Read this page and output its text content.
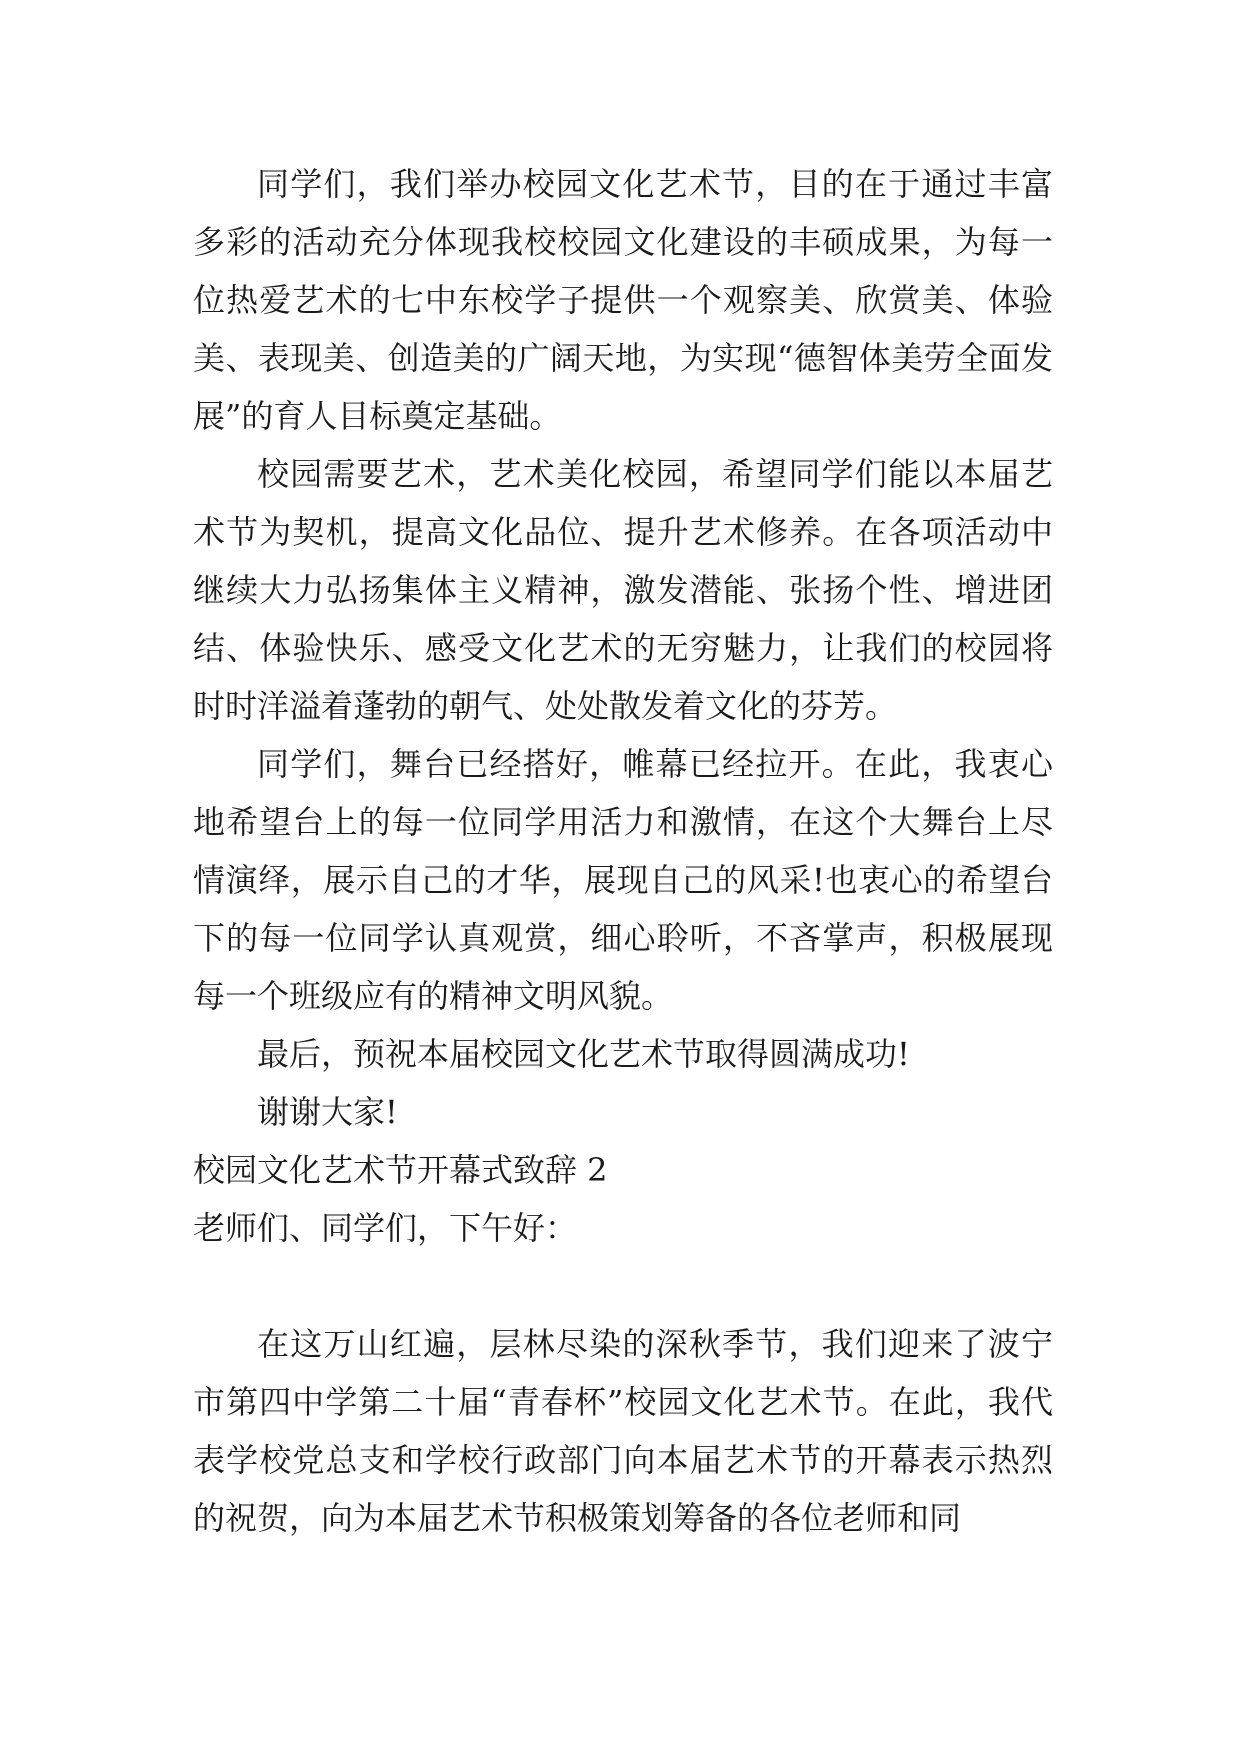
同学们，我们举办校园文化艺术节，目的在于通过丰富多彩的活动充分体现我校校园文化建设的丰硕成果，为每一位热爱艺术的七中东校学子提供一个观察美、欣赏美、体验美、表现美、创造美的广阔天地，为实现“德智体美劳全面发展”的育人目标奠定基础。

校园需要艺术，艺术美化校园，希望同学们能以本届艺术节为契机，提高文化品位、提升艺术修养。在各项活动中继续大力弘扬集体主义精神，激发潜能、张扬个性、增进团结、体验快乐、感受文化艺术的无穷魅力，让我们的校园将时时洋溢着蓬勃的朝气、处处散发着文化的芬芳。

同学们，舞台已经搭好，帷幕已经拉开。在此，我衷心地希望台上的每一位同学用活力和激情，在这个大舞台上尽情演绎，展示自己的才华，展现自己的风采!也衷心的希望台下的每一位同学认真观赏，细心聆听，不吝掌声，积极展现每一个班级应有的精神文明风貌。

最后，预祝本届校园文化艺术节取得圆满成功!

谢谢大家!

校园文化艺术节开幕式致辞 2

老师们、同学们，下午好：

在这万山红遍，层林尽染的深秋季节，我们迎来了波宁市第四中学第二十届“青春杯”校园文化艺术节。在此，我代表学校党总支和学校行政部门向本届艺术节的开幕表示热烈的祝贺，向为本届艺术节积极策划筹备的各位老师和同
